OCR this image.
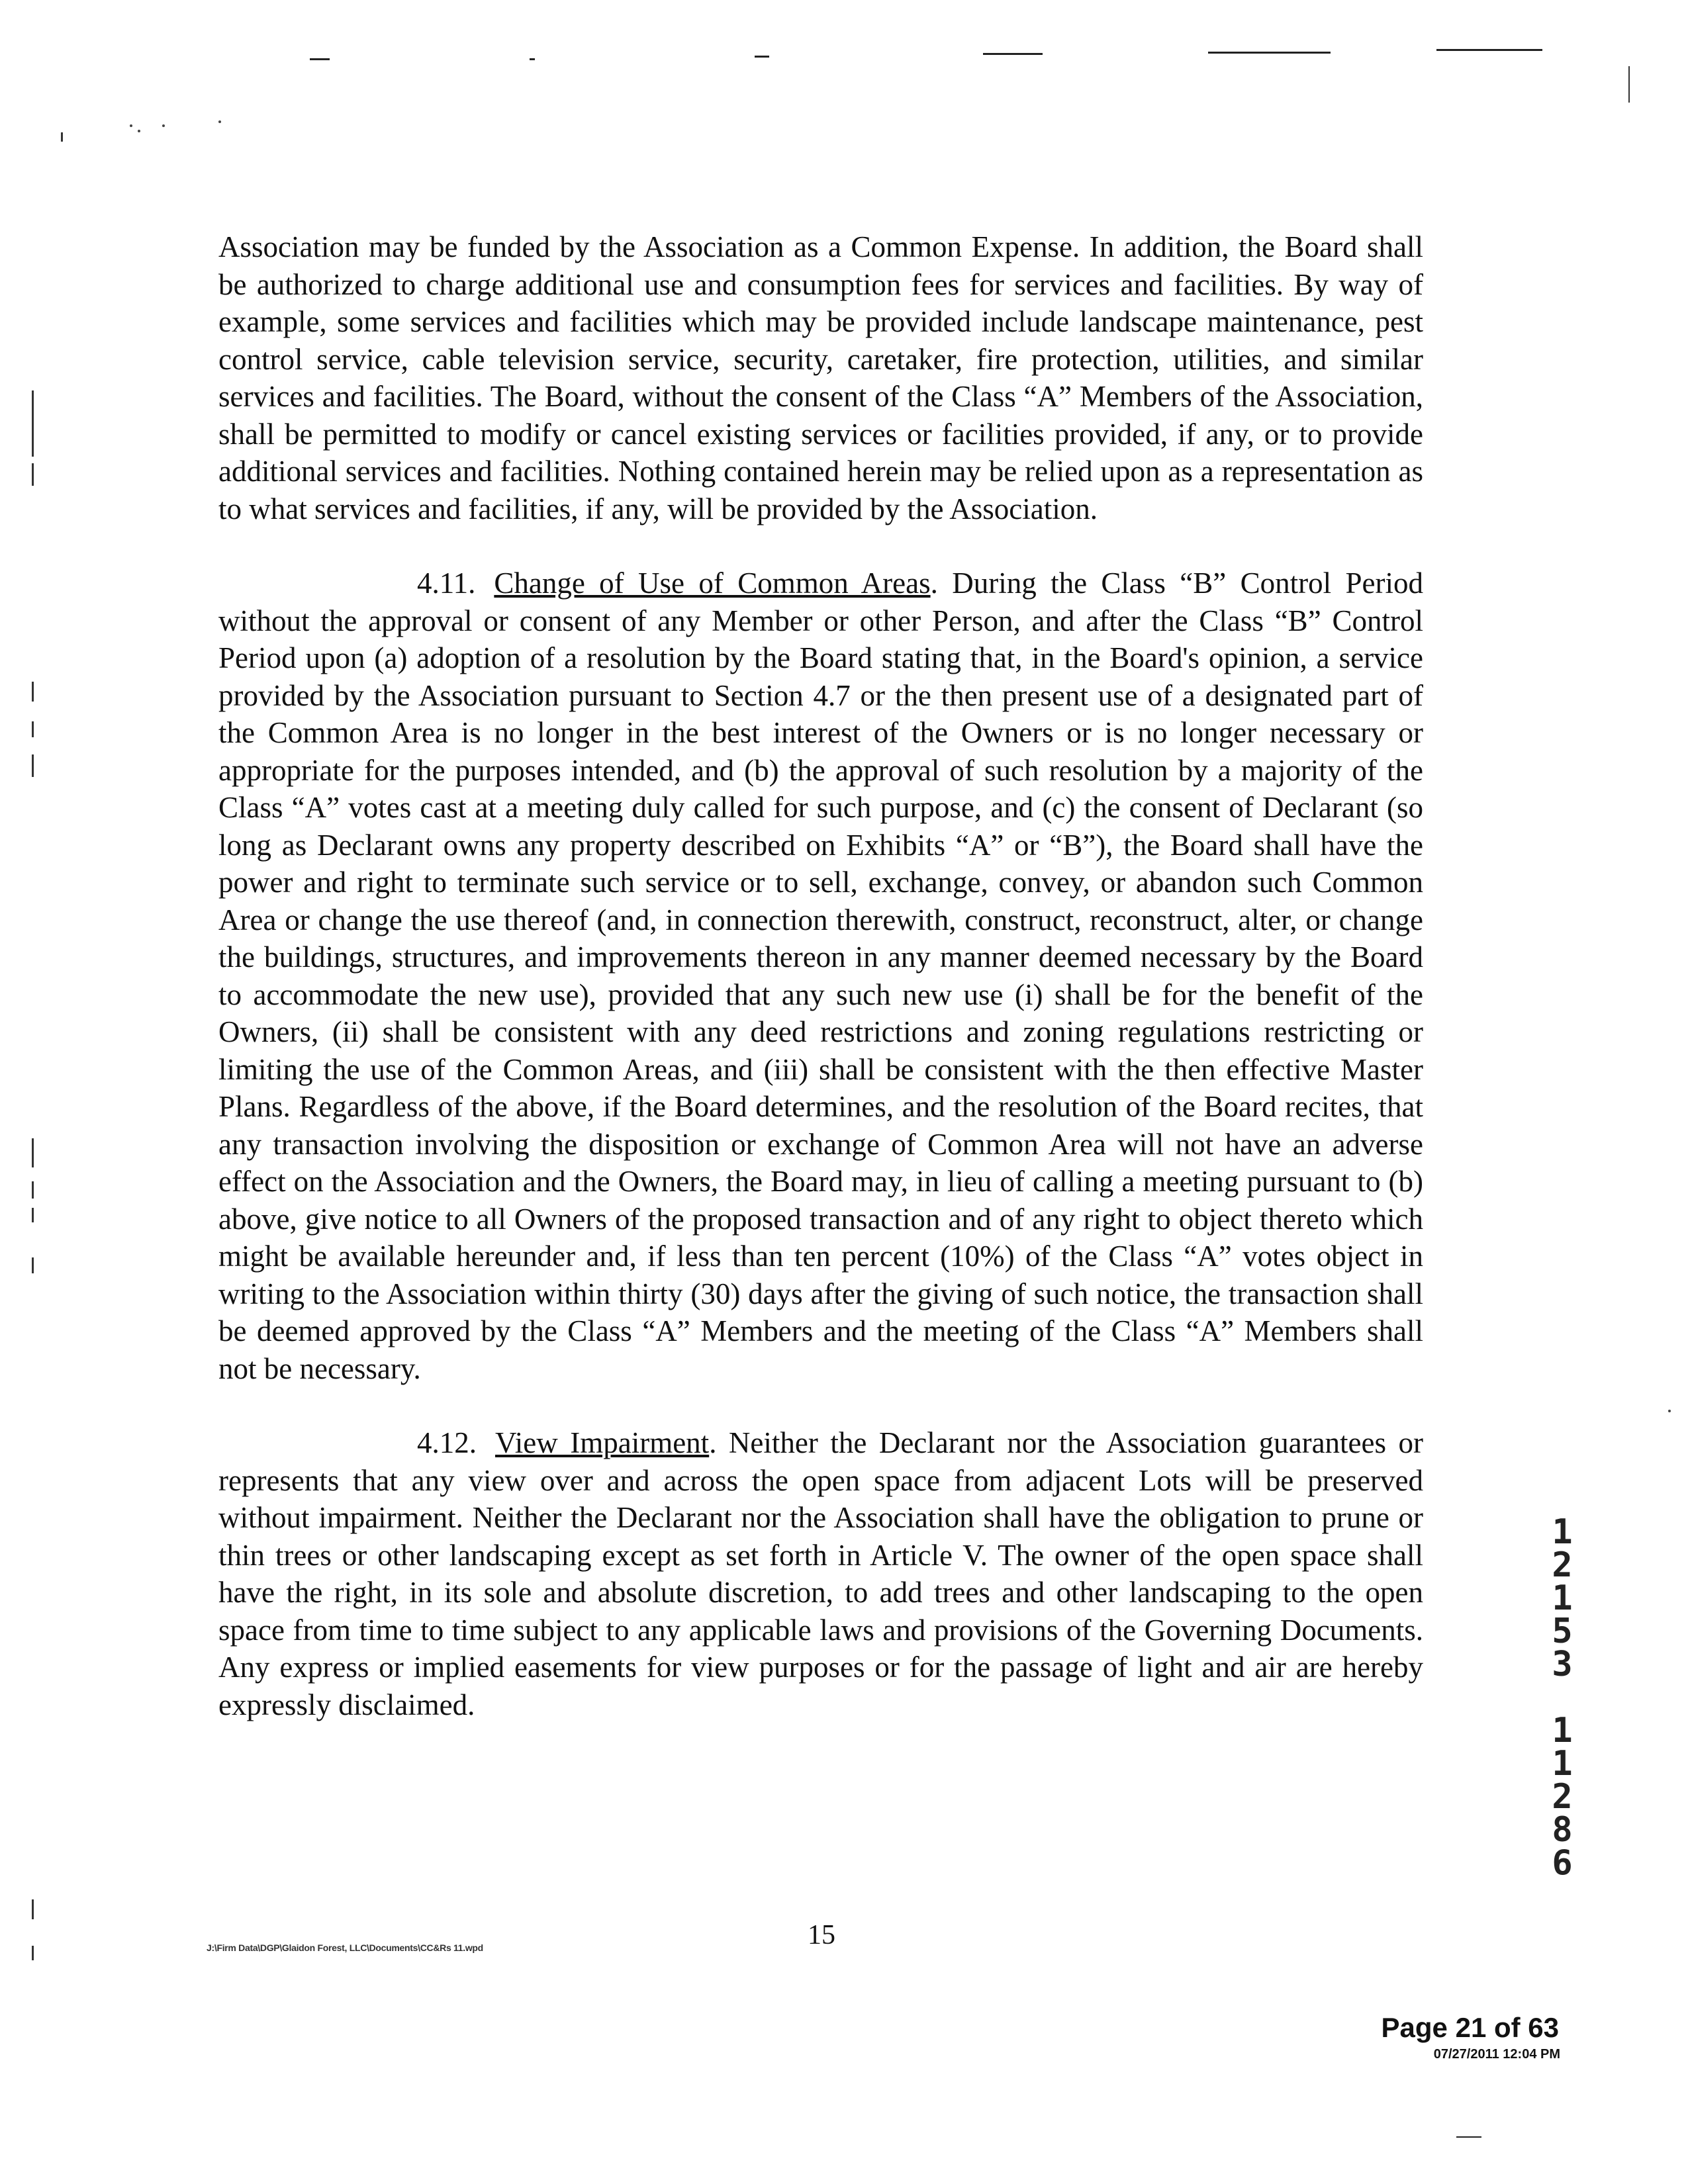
Association may be funded by the Association as a Common Expense. In addition, the Board shall be authorized to charge additional use and consumption fees for services and facilities. By way of example, some services and facilities which may be provided include landscape maintenance, pest control service, cable television service, security, caretaker, fire protection, utilities, and similar services and facilities. The Board, without the consent of the Class “A” Members of the Association, shall be permitted to modify or cancel existing services or facilities provided, if any, or to provide additional services and facilities. Nothing contained herein may be relied upon as a representation as to what services and facilities, if any, will be provided by the Association.

4.11. Change of Use of Common Areas. During the Class “B” Control Period without the approval or consent of any Member or other Person, and after the Class “B” Control Period upon (a) adoption of a resolution by the Board stating that, in the Board's opinion, a service provided by the Association pursuant to Section 4.7 or the then present use of a designated part of the Common Area is no longer in the best interest of the Owners or is no longer necessary or appropriate for the purposes intended, and (b) the approval of such resolution by a majority of the Class “A” votes cast at a meeting duly called for such purpose, and (c) the consent of Declarant (so long as Declarant owns any property described on Exhibits “A” or “B”), the Board shall have the power and right to terminate such service or to sell, exchange, convey, or abandon such Common Area or change the use thereof (and, in connection therewith, construct, reconstruct, alter, or change the buildings, structures, and improvements thereon in any manner deemed necessary by the Board to accommodate the new use), provided that any such new use (i) shall be for the benefit of the Owners, (ii) shall be consistent with any deed restrictions and zoning regulations restricting or limiting the use of the Common Areas, and (iii) shall be consistent with the then effective Master Plans. Regardless of the above, if the Board determines, and the resolution of the Board recites, that any transaction involving the disposition or exchange of Common Area will not have an adverse effect on the Association and the Owners, the Board may, in lieu of calling a meeting pursuant to (b) above, give notice to all Owners of the proposed transaction and of any right to object thereto which might be available hereunder and, if less than ten percent (10%) of the Class “A” votes object in writing to the Association within thirty (30) days after the giving of such notice, the transaction shall be deemed approved by the Class “A” Members and the meeting of the Class “A” Members shall not be necessary.

4.12. View Impairment. Neither the Declarant nor the Association guarantees or represents that any view over and across the open space from adjacent Lots will be preserved without impairment. Neither the Declarant nor the Association shall have the obligation to prune or thin trees or other landscaping except as set forth in Article V. The owner of the open space shall have the right, in its sole and absolute discretion, to add trees and other landscaping to the open space from time to time subject to any applicable laws and provisions of the Governing Documents. Any express or implied easements for view purposes or for the passage of light and air are hereby expressly disclaimed.

1
2
1
5
3
1
1
2
8
6
J:\Firm Data\DGP\Glaidon Forest, LLC\Documents\CC&Rs 11.wpd	15
Page 21 of 63
07/27/2011 12:04 PM
